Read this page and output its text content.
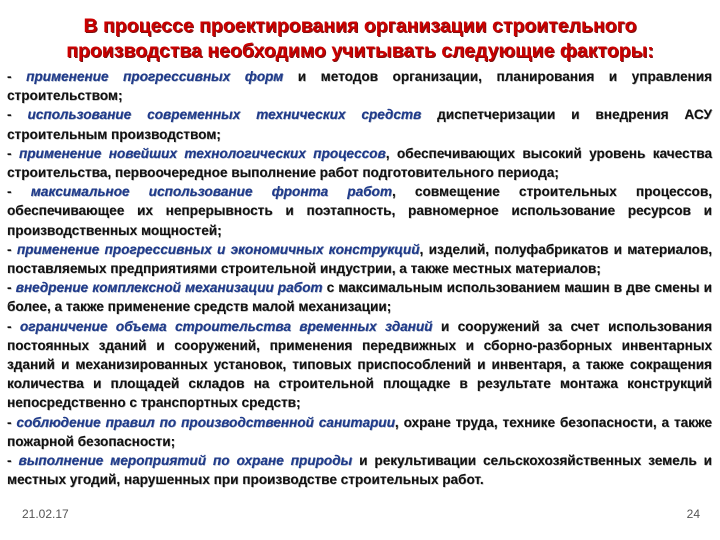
В процессе проектирования организации строительного
производства необходимо учитывать следующие факторы:

- применение прогрессивных форм и методов организации, планирования и управления строительством;

- использование современных технических средств диспетчеризации и внедрения АСУ строительным производством;

- применение новейших технологических процессов, обеспечивающих высокий уровень качества строительства, первоочередное выполнение работ подготовительного периода;

- максимальное использование фронта работ, совмещение строительных процессов, обеспечивающее их непрерывность и поэтапность, равномерное использование ресурсов и производственных мощностей;

- применение прогрессивных и экономичных конструкций, изделий, полуфабрикатов и материалов, поставляемых предприятиями строительной индустрии, а также местных материалов;

- внедрение комплексной механизации работ с максимальным использованием машин в две смены и более, а также применение средств малой механизации;

- ограничение объема строительства временных зданий и сооружений за счет использования постоянных зданий и сооружений, применения передвижных и сборно-разборных инвентарных зданий и механизированных установок, типовых приспособлений и инвентаря, а также сокращения количества и площадей складов на строительной площадке в результате монтажа конструкций непосредственно с транспортных средств;

- соблюдение правил по производственной санитарии, охране труда, технике безопасности, а также пожарной безопасности;

- выполнение мероприятий по охране природы и рекультивации сельскохозяйственных земель и местных угодий, нарушенных при производстве строительных работ.

21.02.17	24
